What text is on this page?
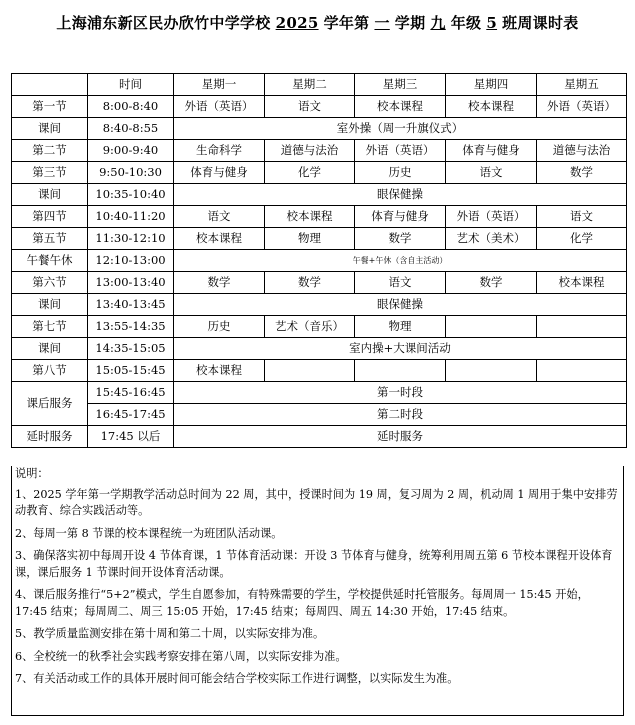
上海浦东新区民办欣竹中学学校 2025 学年第 一 学期 九 年级 5 班周课时表
	时间	星期一	星期二	星期三	星期四	星期五
第一节	8:00-8:40	外语（英语）	语文	校本课程	校本课程	外语（英语）
课间	8:40-8:55	室外操（周一升旗仪式）				
第二节	9:00-9:40	生命科学	道德与法治	外语（英语）	体育与健身	道德与法治
第三节	9:50-10:30	体育与健身	化学	历史	语文	数学
课间	10:35-10:40	眼保健操				
第四节	10:40-11:20	语文	校本课程	体育与健身	外语（英语）	语文
第五节	11:30-12:10	校本课程	物理	数学	艺术（美术）	化学
午餐午休	12:10-13:00	午餐+午休（含自主活动）				
第六节	13:00-13:40	数学	数学	语文	数学	校本课程
课间	13:40-13:45	眼保健操				
第七节	13:55-14:35	历史	艺术（音乐）	物理		
课间	14:35-15:05	室内操+大课间活动				
第八节	15:05-15:45	校本课程				
课后服务	15:45-16:45	第一时段				
	16:45-17:45	第二时段				
延时服务	17:45 以后	延时服务				
说明：

1、2025 学年第一学期教学活动总时间为 22 周，其中，授课时间为 19 周，复习周为 2 周，机动周 1 周用于集中安排劳动教育、综合实践活动等。

2、每周一第 8 节课的校本课程统一为班团队活动课。

3、确保落实初中每周开设 4 节体育课，1 节体育活动课：开设 3 节体育与健身，统筹利用周五第 6 节校本课程开设体育课，课后服务 1 节课时间开设体育活动课。

4、课后服务推行“5+2”模式，学生自愿参加，有特殊需要的学生，学校提供延时托管服务。每周周一 15:45 开始，17:45 结束；每周周二、周三 15:05 开始，17:45 结束；每周四、周五 14:30 开始，17:45 结束。

5、教学质量监测安排在第十周和第二十周，以实际安排为准。

6、全校统一的秋季社会实践考察安排在第八周，以实际安排为准。

7、有关活动或工作的具体开展时间可能会结合学校实际工作进行调整，以实际发生为准。
